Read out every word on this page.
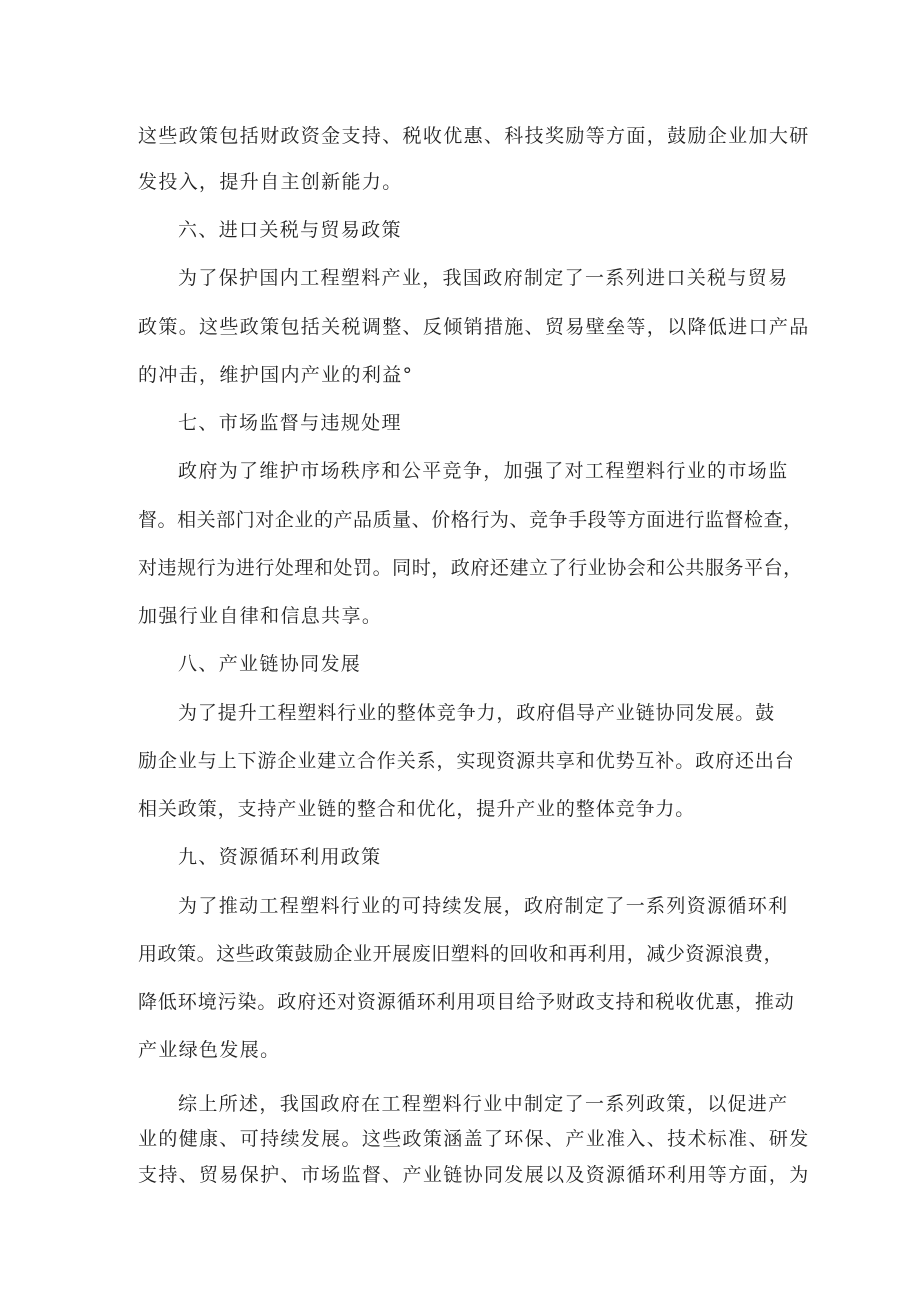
这些政策包括财政资金支持、税收优惠、科技奖励等方面，鼓励企业加大研
发投入，提升自主创新能力。
六、进口关税与贸易政策
为了保护国内工程塑料产业，我国政府制定了一系列进口关税与贸易
政策。这些政策包括关税调整、反倾销措施、贸易壁垒等，以降低进口产品
的冲击，维护国内产业的利益°
七、市场监督与违规处理
政府为了维护市场秩序和公平竞争，加强了对工程塑料行业的市场监
督。相关部门对企业的产品质量、价格行为、竞争手段等方面进行监督检查，
对违规行为进行处理和处罚。同时，政府还建立了行业协会和公共服务平台，
加强行业自律和信息共享。
八、产业链协同发展
为了提升工程塑料行业的整体竞争力，政府倡导产业链协同发展。鼓
励企业与上下游企业建立合作关系，实现资源共享和优势互补。政府还出台
相关政策，支持产业链的整合和优化，提升产业的整体竞争力。
九、资源循环利用政策
为了推动工程塑料行业的可持续发展，政府制定了一系列资源循环利
用政策。这些政策鼓励企业开展废旧塑料的回收和再利用，减少资源浪费，
降低环境污染。政府还对资源循环利用项目给予财政支持和税收优惠，推动
产业绿色发展。
综上所述，我国政府在工程塑料行业中制定了一系列政策，以促进产
业的健康、可持续发展。这些政策涵盖了环保、产业准入、技术标准、研发
支持、贸易保护、市场监督、产业链协同发展以及资源循环利用等方面，为
